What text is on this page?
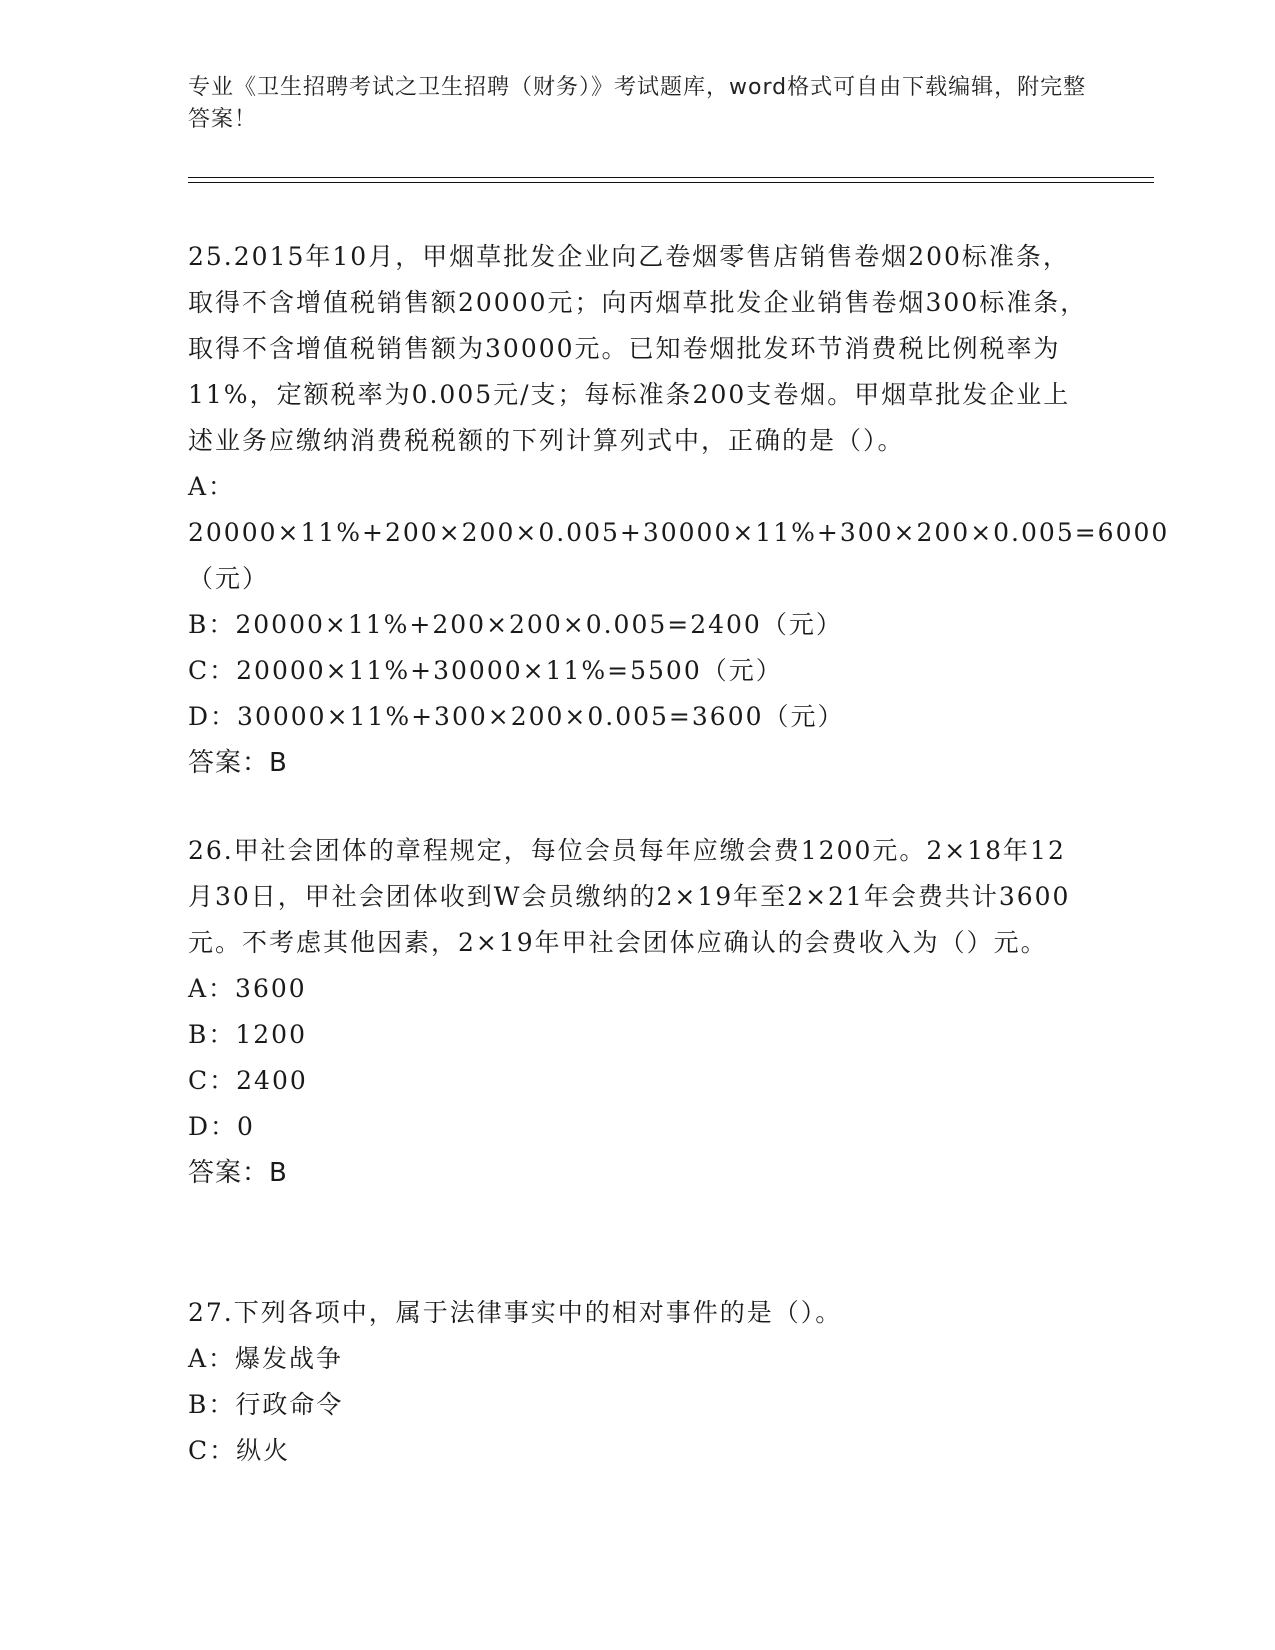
专业《卫生招聘考试之卫生招聘（财务）》考试题库，word格式可自由下载编辑，附完整答案！

25.2015年10月，甲烟草批发企业向乙卷烟零售店销售卷烟200标准条，取得不含增值税销售额20000元；向丙烟草批发企业销售卷烟300标准条，取得不含增值税销售额为30000元。已知卷烟批发环节消费税比例税率为11%，定额税率为0.005元/支；每标准条200支卷烟。甲烟草批发企业上述业务应缴纳消费税税额的下列计算列式中，正确的是（）。

A：20000×11%+200×200×0.005+30000×11%+300×200×0.005=6000（元）

B：20000×11%+200×200×0.005=2400（元）

C：20000×11%+30000×11%=5500（元）

D：30000×11%+300×200×0.005=3600（元）

答案：B

26.甲社会团体的章程规定，每位会员每年应缴会费1200元。2×18年12月30日，甲社会团体收到W会员缴纳的2×19年至2×21年会费共计3600元。不考虑其他因素，2×19年甲社会团体应确认的会费收入为（）元。

A：3600

B：1200

C：2400

D：0

答案：B

27.下列各项中，属于法律事实中的相对事件的是（）。

A：爆发战争

B：行政命令

C：纵火
